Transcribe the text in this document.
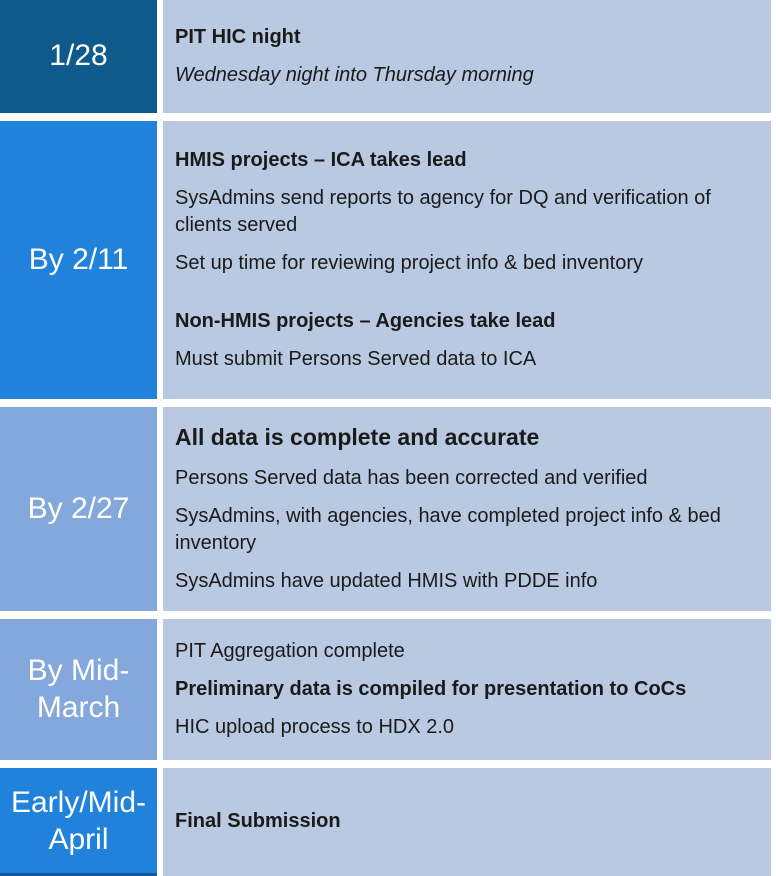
1/28

PIT HIC night

Wednesday night into Thursday morning

By 2/11

HMIS projects – ICA takes lead

SysAdmins send reports to agency for DQ and verification of clients served

Set up time for reviewing project info & bed inventory

Non-HMIS projects – Agencies take lead

Must submit Persons Served data to ICA

By 2/27

All data is complete and accurate

Persons Served data has been corrected and verified

SysAdmins, with agencies, have completed project info & bed inventory

SysAdmins have updated HMIS with PDDE info

By Mid-March

PIT Aggregation complete

Preliminary data is compiled for presentation to CoCs

HIC upload process to HDX 2.0

Early/Mid-April

Final Submission
